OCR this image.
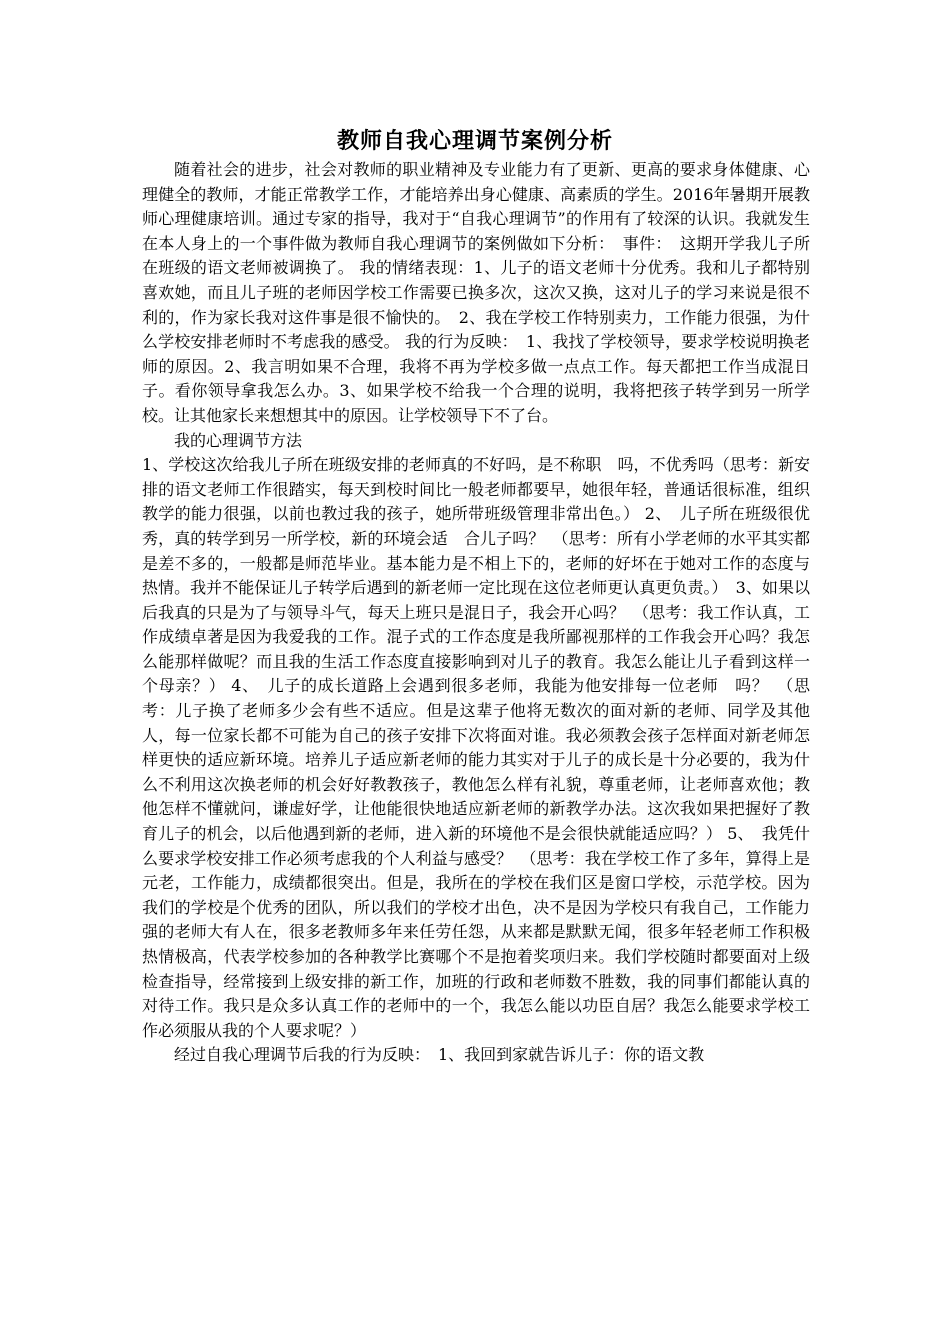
教师自我心理调节案例分析

随着社会的进步，社会对教师的职业精神及专业能力有了更新、更高的要求身体健康、心理健全的教师，才能正常教学工作，才能培养出身心健康、高素质的学生。2016年暑期开展教师心理健康培训。通过专家的指导，我对于“自我心理调节”的作用有了较深的认识。我就发生在本人身上的一个事件做为教师自我心理调节的案例做如下分析：　事件：　这期开学我儿子所在班级的语文老师被调换了。 我的情绪表现：1、儿子的语文老师十分优秀。我和儿子都特别喜欢她，而且儿子班的老师因学校工作需要已换多次，这次又换，这对儿子的学习来说是很不利的，作为家长我对这件事是很不愉快的。　2、我在学校工作特别卖力，工作能力很强，为什么学校安排老师时不考虑我的感受。 我的行为反映：　1、我找了学校领导，要求学校说明换老师的原因。2、我言明如果不合理，我将不再为学校多做一点点工作。每天都把工作当成混日子。看你领导拿我怎么办。3、如果学校不给我一个合理的说明，我将把孩子转学到另一所学校。让其他家长来想想其中的原因。让学校领导下不了台。

我的心理调节方法

1、学校这次给我儿子所在班级安排的老师真的不好吗，是不称职　吗，不优秀吗（思考：新安排的语文老师工作很踏实，每天到校时间比一般老师都要早，她很年轻，普通话很标准，组织教学的能力很强，以前也教过我的孩子，她所带班级管理非常出色。） 2、　儿子所在班级很优秀，真的转学到另一所学校，新的环境会适　合儿子吗？　（思考：所有小学老师的水平其实都是差不多的，一般都是师范毕业。基本能力是不相上下的，老师的好坏在于她对工作的态度与热情。我并不能保证儿子转学后遇到的新老师一定比现在这位老师更认真更负责。）　3、如果以后我真的只是为了与领导斗气，每天上班只是混日子，我会开心吗？　（思考：我工作认真，工作成绩卓著是因为我爱我的工作。混子式的工作态度是我所鄙视那样的工作我会开心吗？我怎么能那样做呢？而且我的生活工作态度直接影响到对儿子的教育。我怎么能让儿子看到这样一个母亲？） 4、　儿子的成长道路上会遇到很多老师，我能为他安排每一位老师　吗？　（思考：儿子换了老师多少会有些不适应。但是这辈子他将无数次的面对新的老师、同学及其他人，每一位家长都不可能为自己的孩子安排下次将面对谁。我必须教会孩子怎样面对新老师怎样更快的适应新环境。培养儿子适应新老师的能力其实对于儿子的成长是十分必要的，我为什么不利用这次换老师的机会好好教教孩子，教他怎么样有礼貌，尊重老师，让老师喜欢他；教他怎样不懂就问，谦虚好学，让他能很快地适应新老师的新教学办法。这次我如果把握好了教育儿子的机会，以后他遇到新的老师，进入新的环境他不是会很快就能适应吗？） 5、　我凭什么要求学校安排工作必须考虑我的个人利益与感受？　（思考：我在学校工作了多年，算得上是元老，工作能力，成绩都很突出。但是，我所在的学校在我们区是窗口学校，示范学校。因为我们的学校是个优秀的团队，所以我们的学校才出色，决不是因为学校只有我自己，工作能力强的老师大有人在，很多老教师多年来任劳任怨，从来都是默默无闻，很多年轻老师工作积极热情极高，代表学校参加的各种教学比赛哪个不是抱着奖项归来。我们学校随时都要面对上级检查指导，经常接到上级安排的新工作，加班的行政和老师数不胜数，我的同事们都能认真的对待工作。我只是众多认真工作的老师中的一个，我怎么能以功臣自居？我怎么能要求学校工作必须服从我的个人要求呢？）

经过自我心理调节后我的行为反映：　1、我回到家就告诉儿子：你的语文教
